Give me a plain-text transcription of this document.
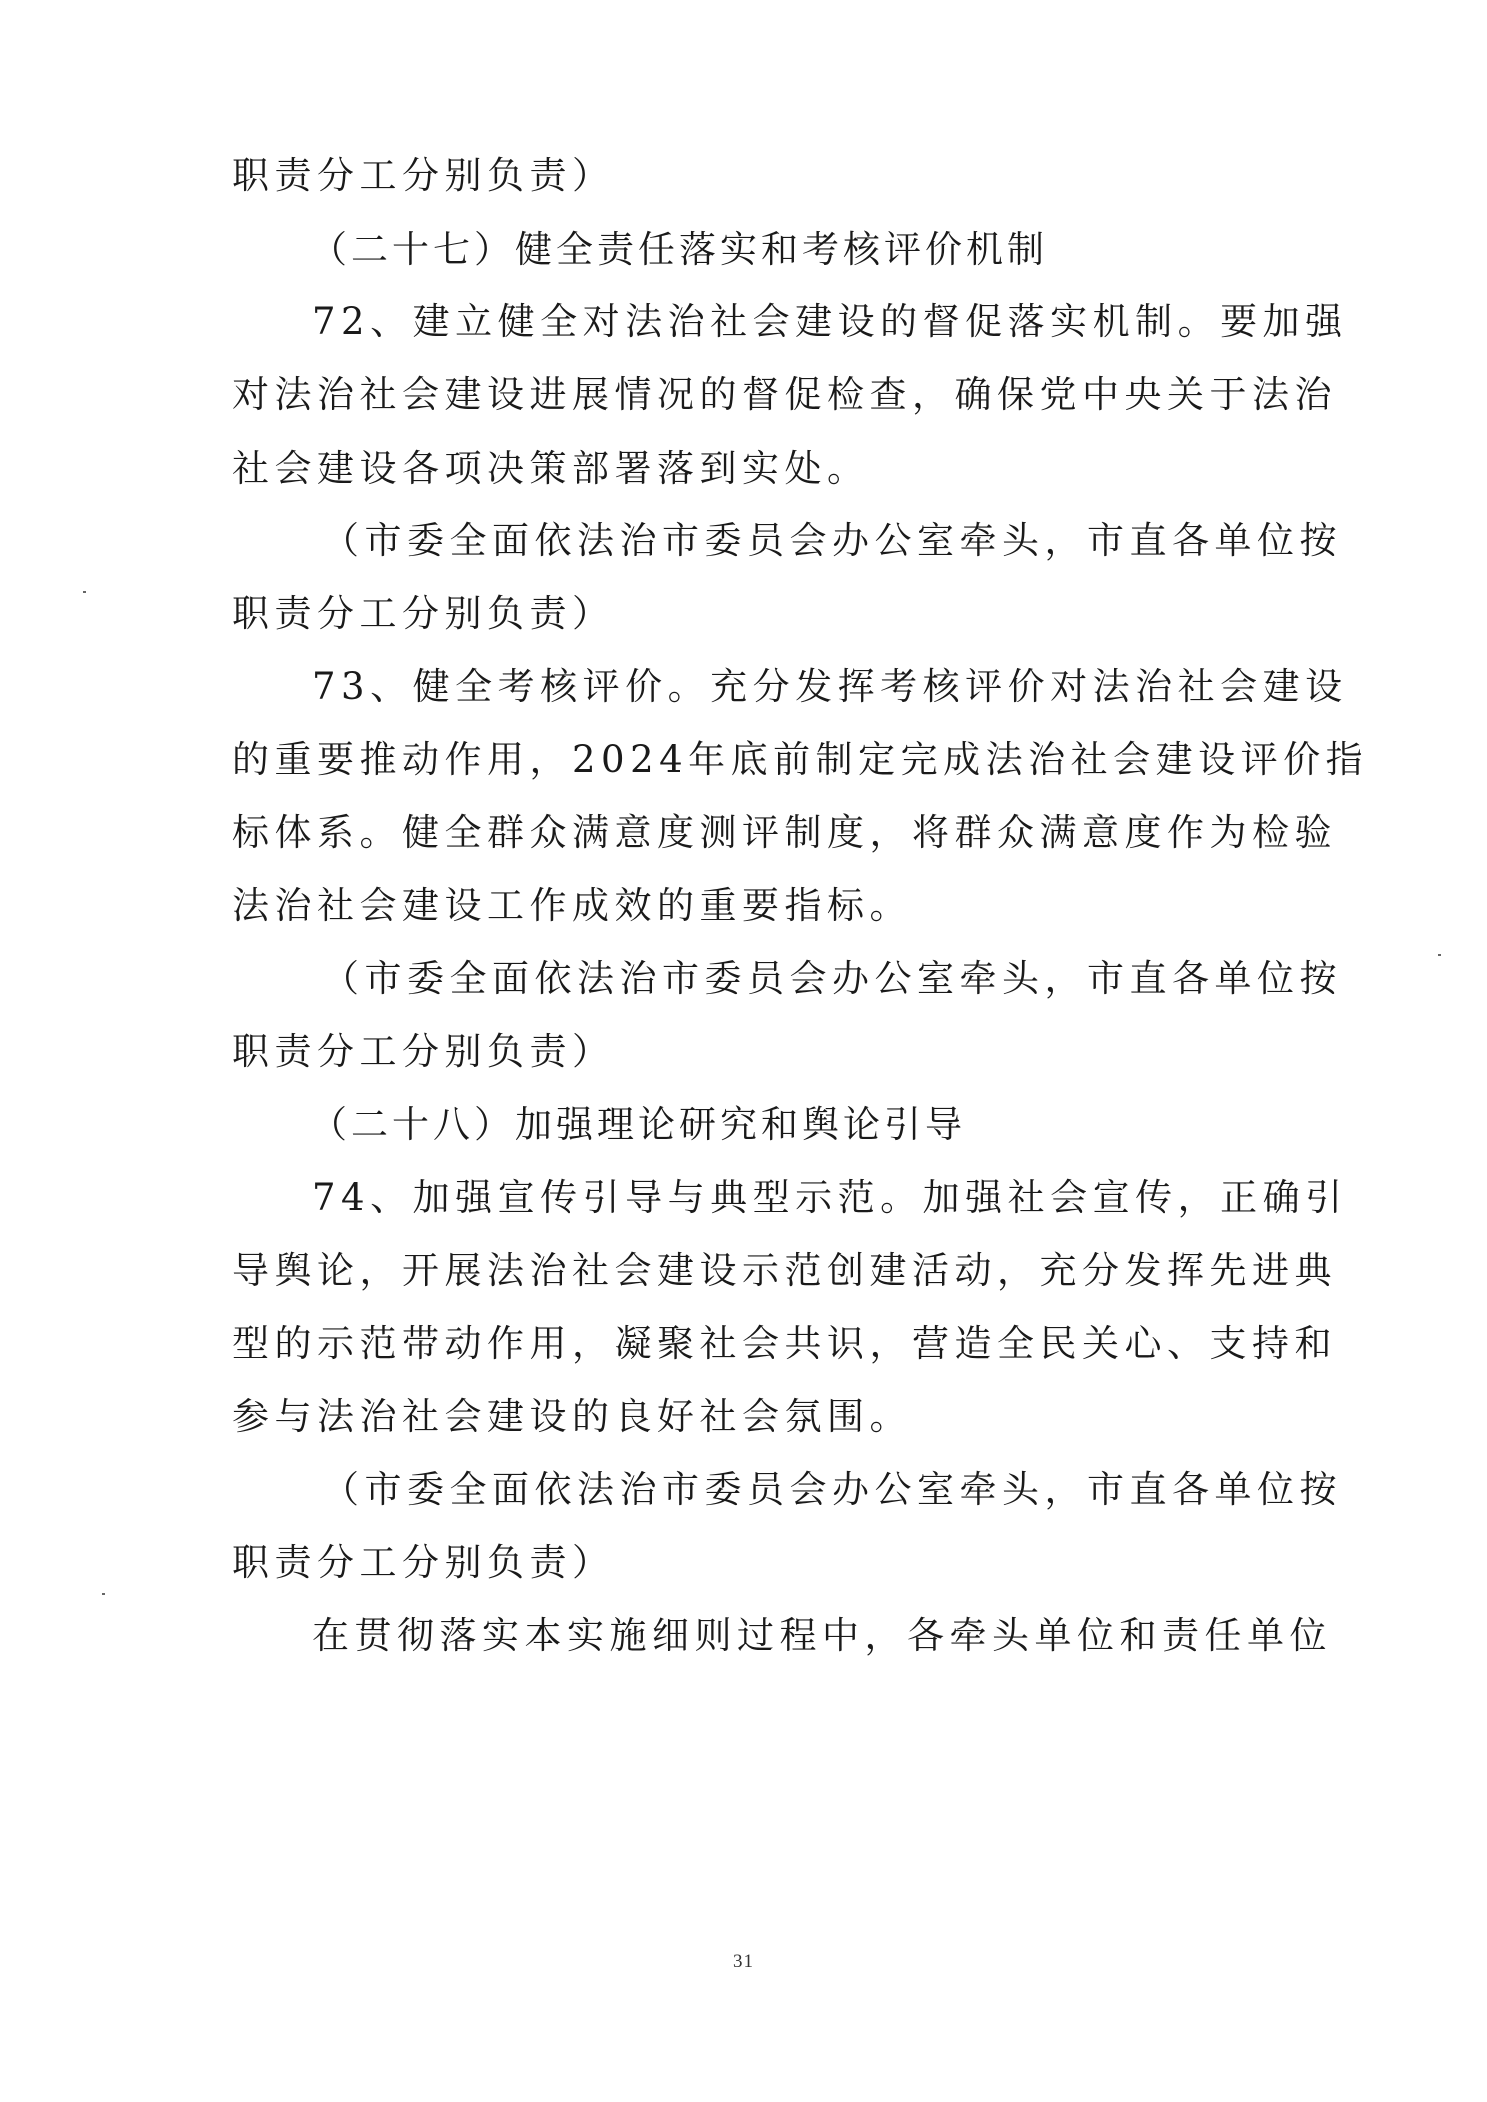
职责分工分别负责）
（二十七）健全责任落实和考核评价机制
72、建立健全对法治社会建设的督促落实机制。要加强
对法治社会建设进展情况的督促检查，确保党中央关于法治
社会建设各项决策部署落到实处。
（市委全面依法治市委员会办公室牵头，市直各单位按
职责分工分别负责）
73、健全考核评价。充分发挥考核评价对法治社会建设
的重要推动作用，2024年底前制定完成法治社会建设评价指
标体系。健全群众满意度测评制度，将群众满意度作为检验
法治社会建设工作成效的重要指标。
（市委全面依法治市委员会办公室牵头，市直各单位按
职责分工分别负责）
（二十八）加强理论研究和舆论引导
74、加强宣传引导与典型示范。加强社会宣传，正确引
导舆论，开展法治社会建设示范创建活动，充分发挥先进典
型的示范带动作用，凝聚社会共识，营造全民关心、支持和
参与法治社会建设的良好社会氛围。
（市委全面依法治市委员会办公室牵头，市直各单位按
职责分工分别负责）
在贯彻落实本实施细则过程中，各牵头单位和责任单位
31
